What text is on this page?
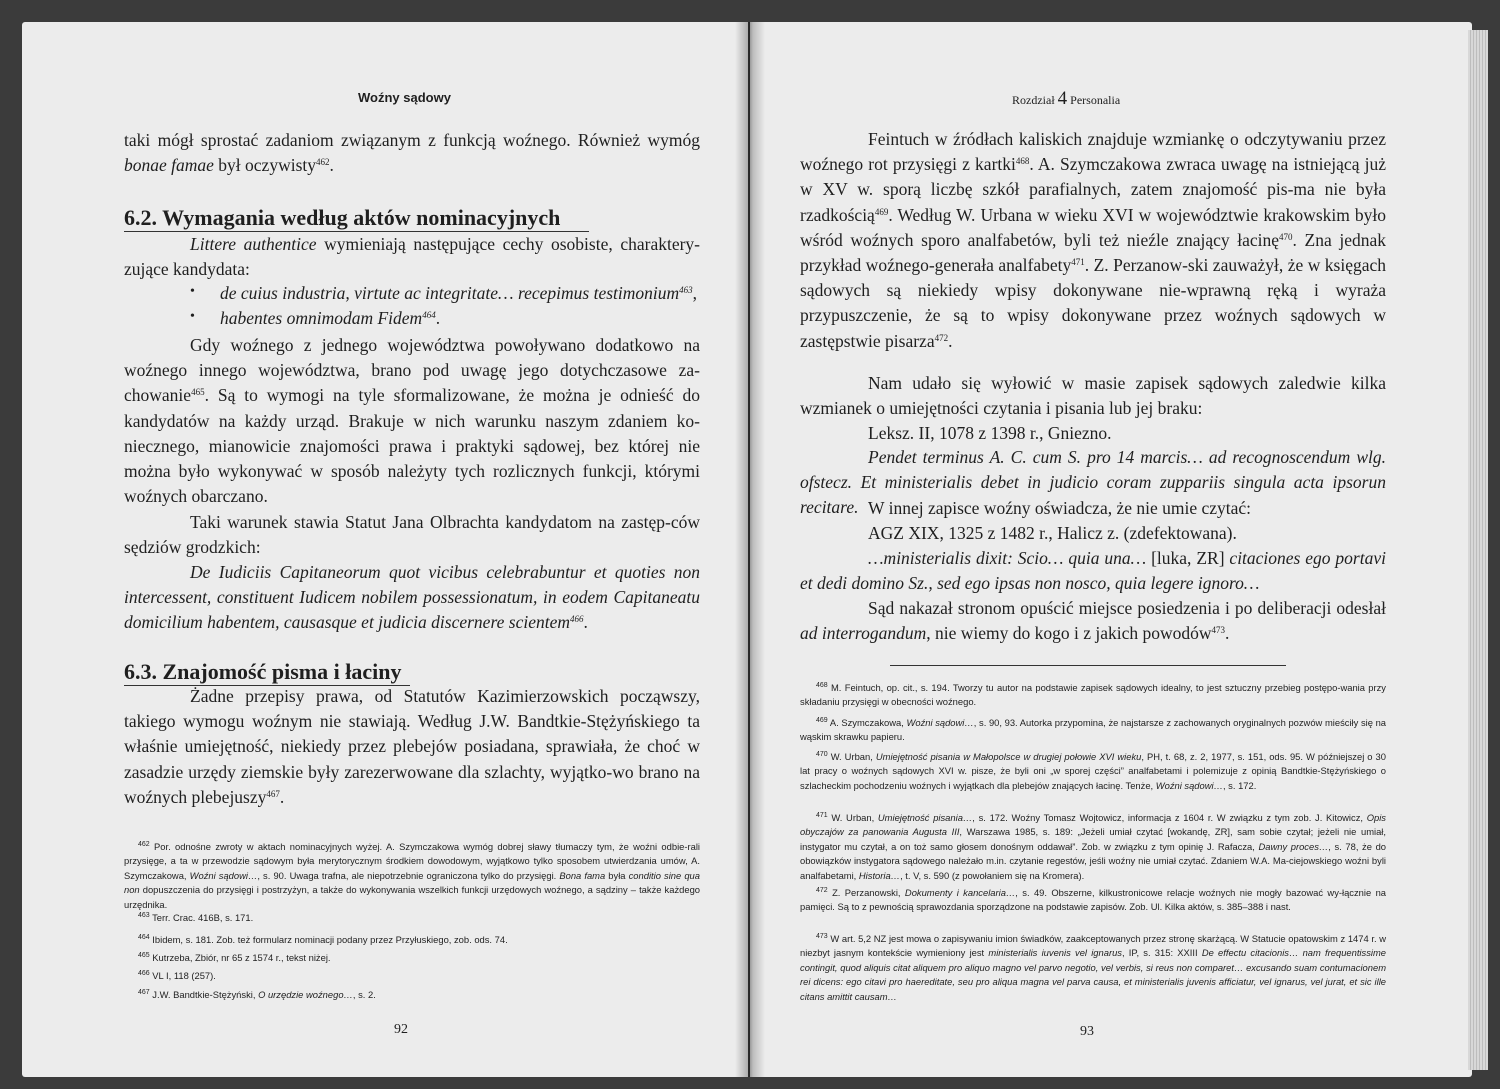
Woźny sądowy

taki mógł sprostać zadaniom związanym z funkcją woźnego. Również wymóg bonae famae był oczywisty$^{462}$.

6.2. Wymagania według aktów nominacyjnych

Littere authentice wymieniają następujące cechy osobiste, charaktery-zujące kandydata:

• de cuius industria, virtute ac integritate… recepimus testimonium$^{463}$,
• habentes omnimodam Fidem$^{464}$.

Gdy woźnego z jednego województwa powoływano dodatkowo na woźnego innego województwa, brano pod uwagę jego dotychczasowe za-chowanie$^{465}$. Są to wymogi na tyle sformalizowane, że można je odnieść do kandydatów na każdy urząd. Brakuje w nich warunku naszym zdaniem ko-niecznego, mianowicie znajomości prawa i praktyki sądowej, bez której nie można było wykonywać w sposób należyty tych rozlicznych funkcji, którymi woźnych obarczano.

Taki warunek stawia Statut Jana Olbrachta kandydatom na zastęp-ców sędziów grodzkich:

De Iudiciis Capitaneorum quot vicibus celebrabuntur et quoties non intercessent, constituent Iudicem nobilem possessionatum, in eodem Capitaneatu domicilium habentem, causasque et judicia discernere scientem$^{466}$.

6.3. Znajomość pisma i łaciny

Żadne przepisy prawa, od Statutów Kazimierzowskich począwszy, takiego wymogu woźnym nie stawiają. Według J.W. Bandtkie-Stężyńskiego ta właśnie umiejętność, niekiedy przez plebejów posiadana, sprawiała, że choć w zasadzie urzędy ziemskie były zarezerwowane dla szlachty, wyjątko-wo brano na woźnych plebejuszy$^{467}$.

$^{462}$ Por. odnośne zwroty w aktach nominacyjnych wyżej. A. Szymczakowa wymóg dobrej sławy tłumaczy tym, że woźni odbie-rali przysięge, a ta w przewodzie sądowym była merytorycznym środkiem dowodowym, wyjątkowo tylko sposobem utwierdzania umów, A. Szymczakowa, Woźni sądowi…, s. 90. Uwaga trafna, ale niepotrzebnie ograniczona tylko do przysięgi. Bona fama była conditio sine qua non dopuszczenia do przysięgi i postrzyżyn, a także do wykonywania wszelkich funkcji urzędowych woźnego, a sądziny – także każdego urzędnika.

$^{463}$ Terr. Crac. 416B, s. 171.

$^{464}$ Ibidem, s. 181. Zob. też formularz nominacji podany przez Przyłuskiego, zob. ods. 74.

$^{465}$ Kutrzeba, Zbiór, nr 65 z 1574 r., tekst niżej.

$^{466}$ VL I, 118 (257).

$^{467}$ J.W. Bandtkie-Stężyński, O urzędzie woźnego…, s. 2.

92
Rozdział 4 Personalia

Feintuch w źródłach kaliskich znajduje wzmiankę o odczytywaniu przez woźnego rot przysięgi z kartki$^{468}$. A. Szymczakowa zwraca uwagę na istniejącą już w XV w. sporą liczbę szkół parafialnych, zatem znajomość pis-ma nie była rzadkością$^{469}$. Według W. Urbana w wieku XVI w województwie krakowskim było wśród woźnych sporo analfabetów, byli też nieźle znający łacinę$^{470}$. Zna jednak przykład woźnego-generała analfabety$^{471}$. Z. Perzanow-ski zauważył, że w księgach sądowych są niekiedy wpisy dokonywane nie-wprawną ręką i wyraża przypuszczenie, że są to wpisy dokonywane przez woźnych sądowych w zastępstwie pisarza$^{472}$.

Nam udało się wyłowić w masie zapisek sądowych zaledwie kilka wzmianek o umiejętności czytania i pisania lub jej braku:

Leksz. II, 1078 z 1398 r., Gniezno.

Pendet terminus A. C. cum S. pro 14 marcis… ad recognoscendum wlg. ofstecz. Et ministerialis debet in judicio coram zuppariis singula acta ipsorun recitare. W innej zapisce woźny oświadcza, że nie umie czytać:

AGZ XIX, 1325 z 1482 r., Halicz z. (zdefektowana).

…ministerialis dixit: Scio… quia una… [luka, ZR] citaciones ego portavi et dedi domino Sz., sed ego ipsas non nosco, quia legere ignoro…

Sąd nakazał stronom opuścić miejsce posiedzenia i po deliberacji odesłał ad interrogandum, nie wiemy do kogo i z jakich powodów$^{473}$.

$^{468}$ M. Feintuch, op. cit., s. 194. Tworzy tu autor na podstawie zapisek sądowych idealny, to jest sztuczny przebieg postępo-wania przy składaniu przysięgi w obecności woźnego.

$^{469}$ A. Szymczakowa, Woźni sądowi…, s. 90, 93. Autorka przypomina, że najstarsze z zachowanych oryginalnych pozwów mieściły się na wąskim skrawku papieru.

$^{470}$ W. Urban, Umiejętność pisania w Małopolsce w drugiej połowie XVI wieku, PH, t. 68, z. 2, 1977, s. 151, ods. 95. W późniejszej o 30 lat pracy o woźnych sądowych XVI w. pisze, że byli oni „w sporej części” analfabetami i polemizuje z opinią Bandtkie-Stężyńskiego o szlacheckim pochodzeniu woźnych i wyjątkach dla plebejów znających łacinę. Tenże, Woźni sądowi…, s. 172.

$^{471}$ W. Urban, Umiejętność pisania…, s. 172. Woźny Tomasz Wojtowicz, informacja z 1604 r. W związku z tym zob. J. Kitowicz, Opis obyczajów za panowania Augusta III, Warszawa 1985, s. 189: „Jeżeli umiał czytać [wokandę, ZR], sam sobie czytał; jeżeli nie umiał, instygator mu czytał, a on toż samo głosem donośnym oddawał”. Zob. w związku z tym opinię J. Rafacza, Dawny proces…, s. 78, że do obowiązków instygatora sądowego należało m.in. czytanie regestów, jeśli woźny nie umiał czytać. Zdaniem W.A. Ma-ciejowskiego woźni byli analfabetami, Historia…, t. V, s. 590 (z powołaniem się na Kromera).

$^{472}$ Z. Perzanowski, Dokumenty i kancelaria…, s. 49. Obszerne, kilkustronicowe relacje woźnych nie mogły bazować wy-łącznie na pamięci. Są to z pewnością sprawozdania sporządzone na podstawie zapisów. Zob. Ul. Kilka aktów, s. 385–388 i nast.

$^{473}$ W art. 5,2 NZ jest mowa o zapisywaniu imion świadków, zaakceptowanych przez stronę skarżącą. W Statucie opatowskim z 1474 r. w niezbyt jasnym kontekście wymieniony jest ministerialis iuvenis vel ignarus, IP, s. 315: XXIII De effectu citacionis… nam frequentissime contingit, quod aliquis citat aliquem pro aliquo magno vel parvo negotio, vel verbis, si reus non comparet… excusando suam contumacionem rei dicens: ego citavi pro haereditate, seu pro aliqua magna vel parva causa, et ministerialis juvenis afficiatur, vel ignarus, vel jurat, et sic ille citans amittit causam…

93
